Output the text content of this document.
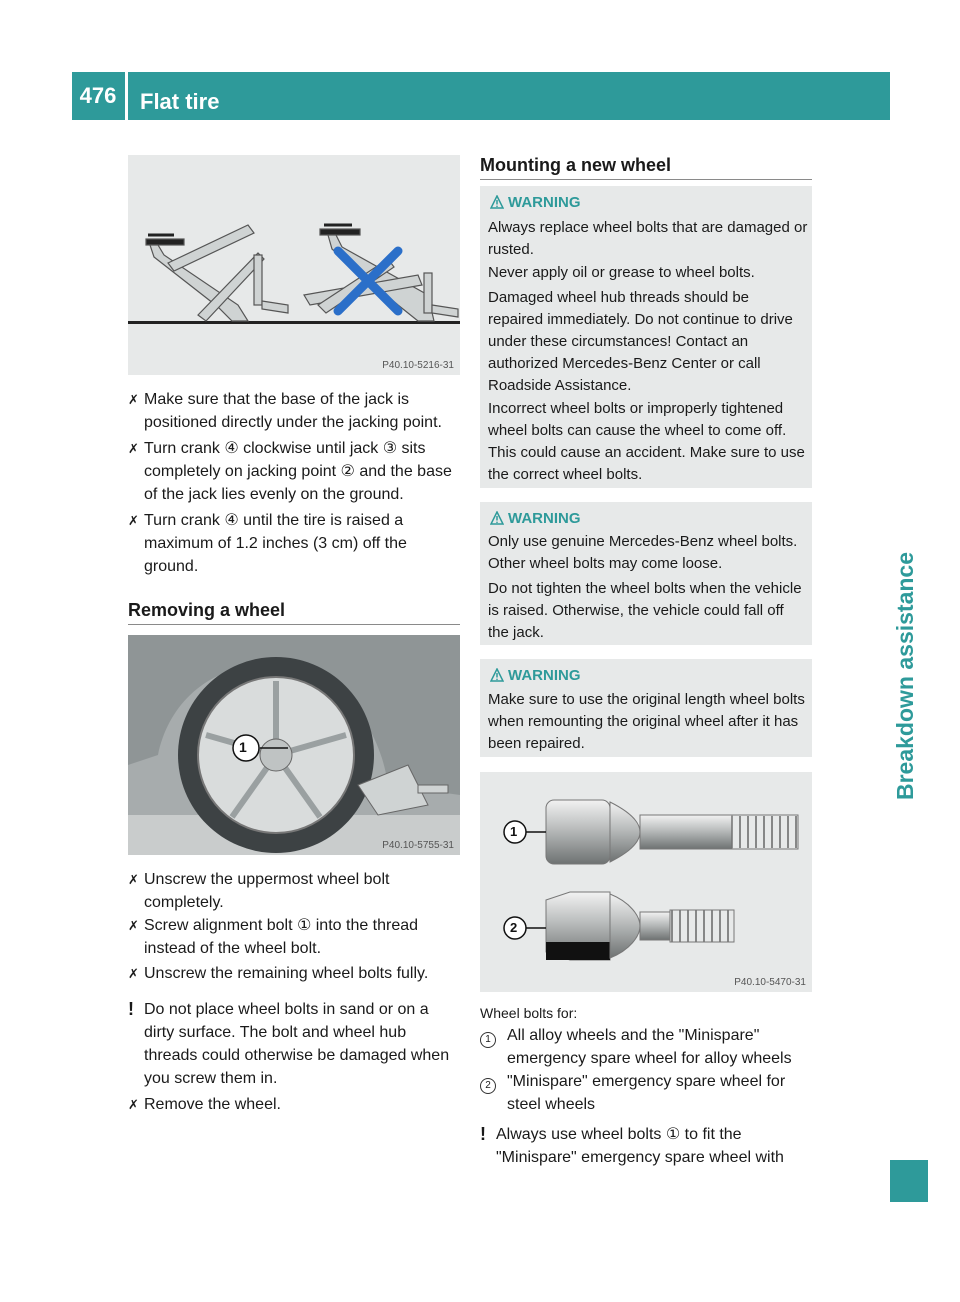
476	Flat tire
Breakdown assistance
P40.10-5216-31
✗ Make sure that the base of the jack is positioned directly under the jacking point.
✗ Turn crank ④ clockwise until jack ③ sits completely on jacking point ② and the base of the jack lies evenly on the ground.
✗ Turn crank ④ until the tire is raised a maximum of 1.2 inches (3 cm) off the ground.
Removing a wheel
1
P40.10-5755-31
✗ Unscrew the uppermost wheel bolt completely.
✗ Screw alignment bolt ① into the thread instead of the wheel bolt.
✗ Unscrew the remaining wheel bolts fully.
! Do not place wheel bolts in sand or on a dirty surface. The bolt and wheel hub threads could otherwise be damaged when you screw them in.
✗ Remove the wheel.
Mounting a new wheel
WARNING
Always replace wheel bolts that are damaged or rusted.
Never apply oil or grease to wheel bolts.
Damaged wheel hub threads should be repaired immediately. Do not continue to drive under these circumstances! Contact an authorized Mercedes-Benz Center or call Roadside Assistance.
Incorrect wheel bolts or improperly tightened wheel bolts can cause the wheel to come off. This could cause an accident. Make sure to use the correct wheel bolts.
WARNING
Only use genuine Mercedes-Benz wheel bolts. Other wheel bolts may come loose.
Do not tighten the wheel bolts when the vehicle is raised. Otherwise, the vehicle could fall off the jack.
WARNING
Make sure to use the original length wheel bolts when remounting the original wheel after it has been repaired.
1
2
P40.10-5470-31
Wheel bolts for:
1	All alloy wheels and the "Minispare" emergency spare wheel for alloy wheels
2	"Minispare" emergency spare wheel for steel wheels
! Always use wheel bolts ① to fit the "Minispare" emergency spare wheel with
